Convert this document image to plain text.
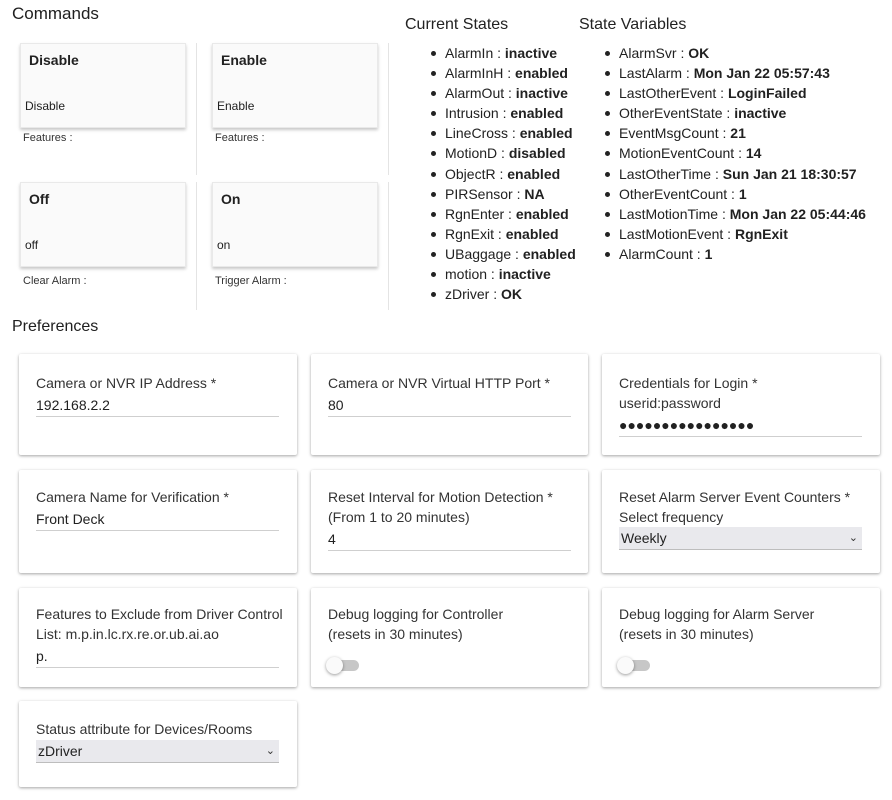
Commands
Disable
Disable
Features :
Enable
Enable
Features :
Off
off
Clear Alarm :
On
on
Trigger Alarm :
Current States
AlarmIn : inactive
AlarmInH : enabled
AlarmOut : inactive
Intrusion : enabled
LineCross : enabled
MotionD : disabled
ObjectR : enabled
PIRSensor : NA
RgnEnter : enabled
RgnExit : enabled
UBaggage : enabled
motion : inactive
zDriver : OK
State Variables
AlarmSvr : OK
LastAlarm : Mon Jan 22 05:57:43
LastOtherEvent : LoginFailed
OtherEventState : inactive
EventMsgCount : 21
MotionEventCount : 14
LastOtherTime : Sun Jan 21 18:30:57
OtherEventCount : 1
LastMotionTime : Mon Jan 22 05:44:46
LastMotionEvent : RgnExit
AlarmCount : 1
Preferences
Camera or NVR IP Address *
192.168.2.2	Camera or NVR Virtual HTTP Port *
80	Credentials for Login *
userid:password
●●●●●●●●●●●●●●●●
Camera Name for Verification *
Front Deck	Reset Interval for Motion Detection *
(From 1 to 20 minutes)
4
Reset Alarm Server Event Counters *
Select frequency
Weekly	⌄
Features to Exclude from Driver Control
List: m.p.in.lc.rx.re.or.ub.ai.ao
p.
Debug logging for Controller
(resets in 30 minutes)
Debug logging for Alarm Server
(resets in 30 minutes)
Status attribute for Devices/Rooms
zDriver	⌄
